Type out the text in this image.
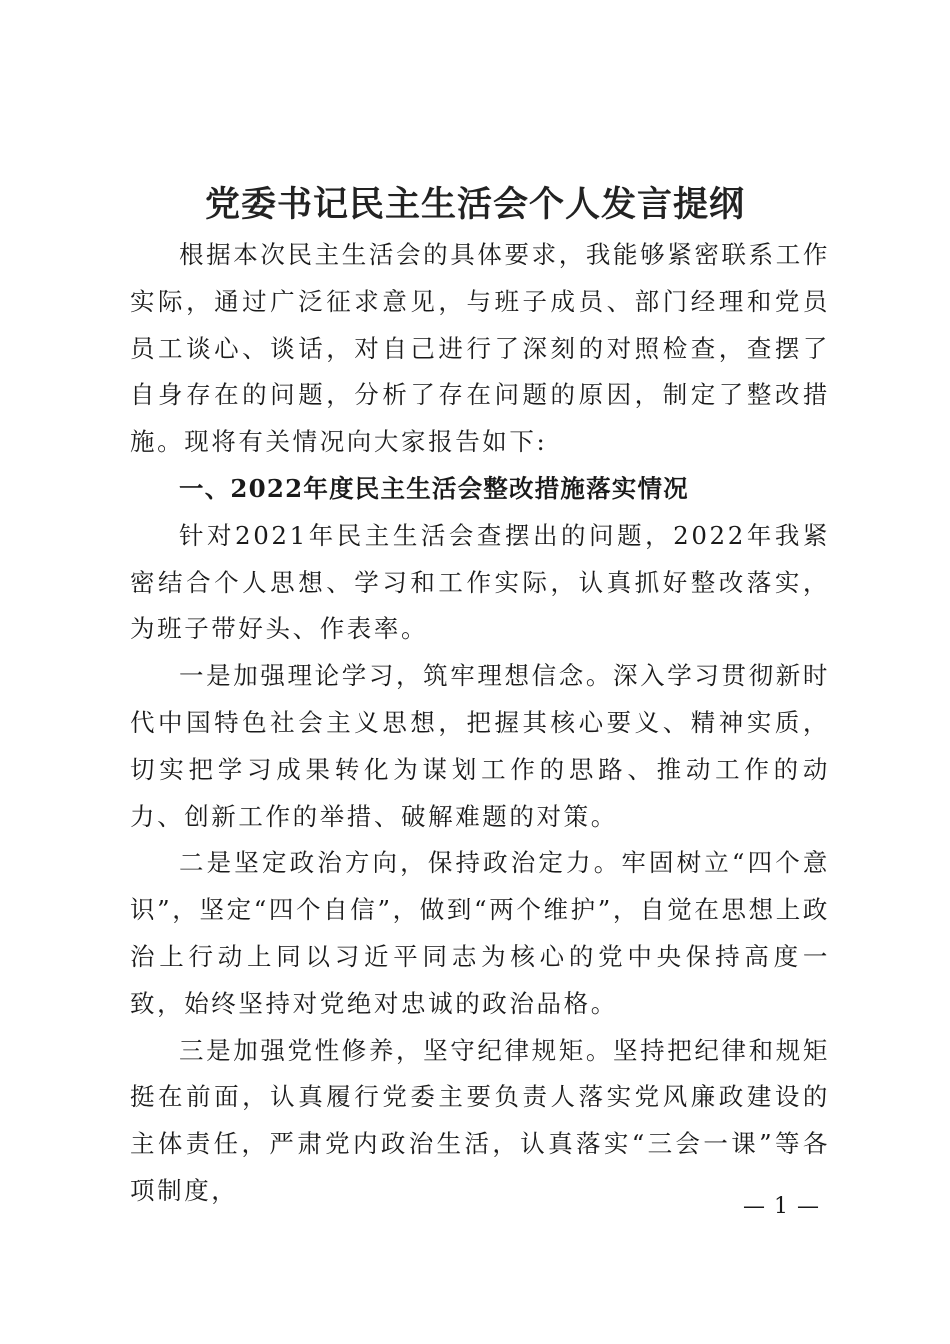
党委书记民主生活会个人发言提纲

根据本次民主生活会的具体要求，我能够紧密联系工作实际，通过广泛征求意见，与班子成员、部门经理和党员员工谈心、谈话，对自己进行了深刻的对照检查，查摆了自身存在的问题，分析了存在问题的原因，制定了整改措施。现将有关情况向大家报告如下:

一、2022年度民主生活会整改措施落实情况

针对2021年民主生活会查摆出的问题，2022年我紧密结合个人思想、学习和工作实际，认真抓好整改落实，为班子带好头、作表率。

一是加强理论学习，筑牢理想信念。深入学习贯彻新时代中国特色社会主义思想，把握其核心要义、精神实质，切实把学习成果转化为谋划工作的思路、推动工作的动力、创新工作的举措、破解难题的对策。

二是坚定政治方向，保持政治定力。牢固树立“四个意识”，坚定“四个自信”，做到“两个维护”，自觉在思想上政治上行动上同以习近平同志为核心的党中央保持高度一致，始终坚持对党绝对忠诚的政治品格。

三是加强党性修养，坚守纪律规矩。坚持把纪律和规矩挺在前面，认真履行党委主要负责人落实党风廉政建设的主体责任，严肃党内政治生活，认真落实“三会一课”等各项制度，

— 1 —
